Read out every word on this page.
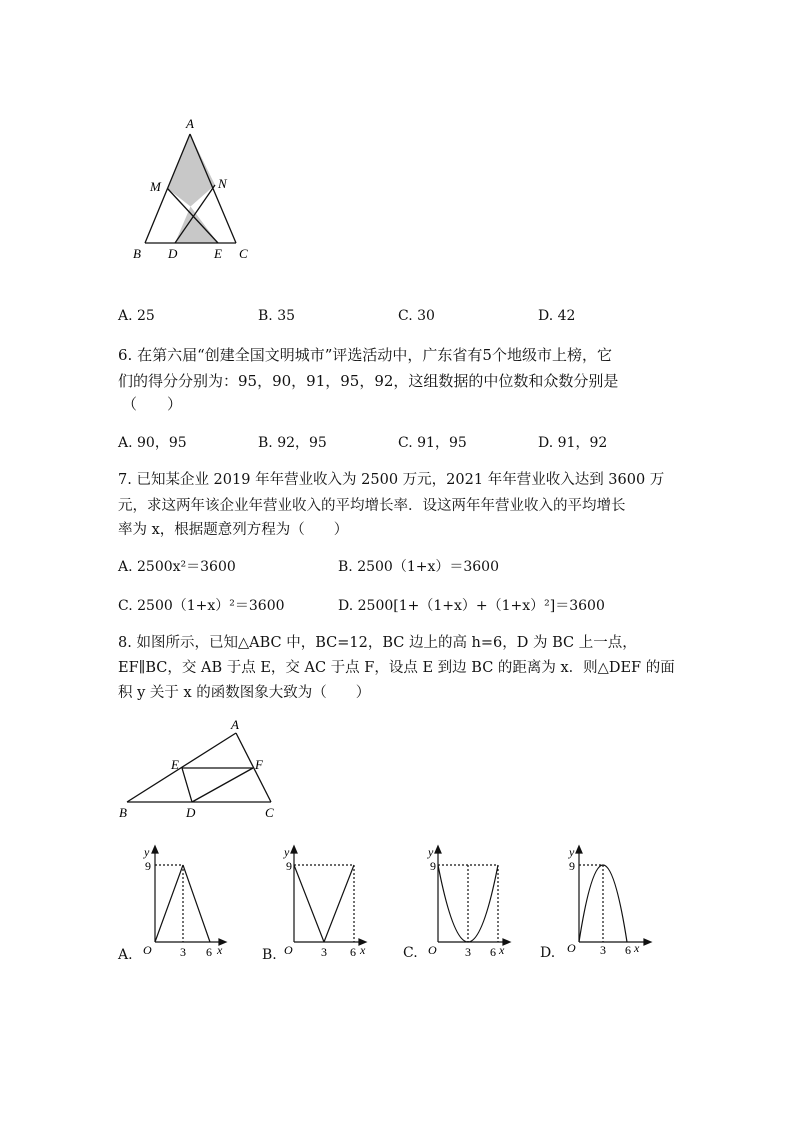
A
M	N
B D	E C
A. 25	B. 35	C. 30	D. 42
6. 在第六届“创建全国文明城市”评选活动中，广东省有5个地级市上榜，它
们的得分分别为：95，90，91，95，92，这组数据的中位数和众数分别是
（　　）
A. 90，95	B. 92，95	C. 91，95	D. 91，92
7. 已知某企业 2019 年年营业收入为 2500 万元，2021 年年营业收入达到 3600 万
元，求这两年该企业年营业收入的平均增长率．设这两年年营业收入的平均增长
率为 x，根据题意列方程为（　　）
A. 2500x²＝3600	B. 2500（1+x）＝3600
C. 2500（1+x）²＝3600	D. 2500[1+（1+x）+（1+x）²]＝3600
8. 如图所示，已知△ABC 中，BC=12，BC 边上的高 h=6，D 为 BC 上一点，
EF∥BC，交 AB 于点 E，交 AC 于点 F，设点 E 到边 BC 的距离为 x．则△DEF 的面
积 y 关于 x 的函数图象大致为（　　）
A
E	F
B	D	C
y
9
O 3 6 x
A.
y
9
O 3 6 x
B.
y
9
O 3 6 x
C.
y
9
O 3 6 x
D.
